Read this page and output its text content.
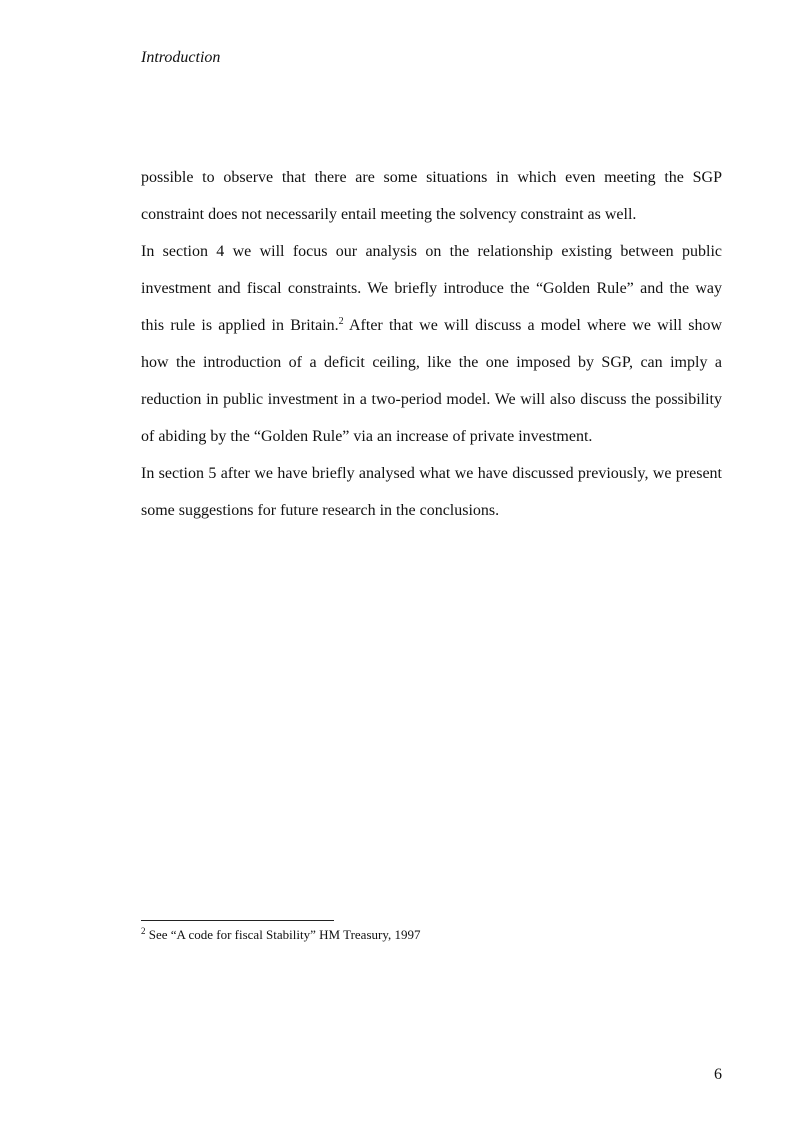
Introduction
possible to observe that there are some situations in which even meeting the SGP
constraint does not necessarily entail meeting the solvency constraint as well.
In section 4 we will focus our analysis on the relationship existing between public
investment and fiscal constraints. We briefly introduce the “Golden Rule” and the way
this rule is applied in Britain.$^2$ After that we will discuss a model where we will show
how the introduction of a deficit ceiling, like the one imposed by SGP, can imply a
reduction in public investment in a two-period model. We will also discuss the possibility
of abiding by the “Golden Rule” via an increase of private investment.
In section 5 after we have briefly analysed what we have discussed previously, we present
some suggestions for future research in the conclusions.
$^2$ See “A code for fiscal Stability” HM Treasury, 1997
6
